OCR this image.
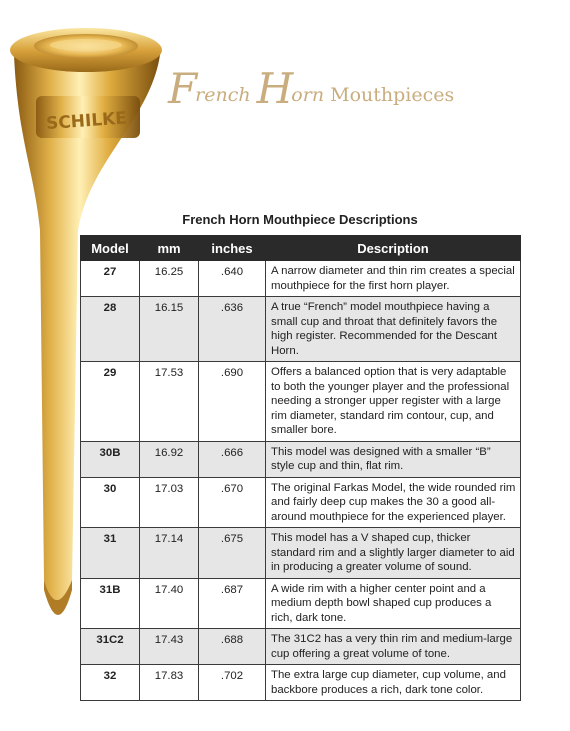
SCHILKE
French Horn Mouthpieces
French Horn Mouthpiece Descriptions
Model	mm	inches	Description
27	16.25	.640	A narrow diameter and thin rim creates a special mouthpiece for the first horn player.
28	16.15	.636	A true “French” model mouthpiece having a small cup and throat that definitely favors the high register. Recommended for the Descant Horn.
29	17.53	.690	Offers a balanced option that is very adaptable to both the younger player and the professional needing a stronger upper register with a large rim diameter, standard rim contour, cup, and smaller bore.
30B	16.92	.666	This model was designed with a smaller “B” style cup and thin, flat rim.
30	17.03	.670	The original Farkas Model, the wide rounded rim and fairly deep cup makes the 30 a good all-around mouthpiece for the experienced player.
31	17.14	.675	This model has a V shaped cup, thicker standard rim and a slightly larger diameter to aid in producing a greater volume of sound.
31B	17.40	.687	A wide rim with a higher center point and a medium depth bowl shaped cup produces a rich, dark tone.
31C2	17.43	.688	The 31C2 has a very thin rim and medium-large cup offering a great volume of tone.
32	17.83	.702	The extra large cup diameter, cup volume, and backbore produces a rich, dark tone color.
